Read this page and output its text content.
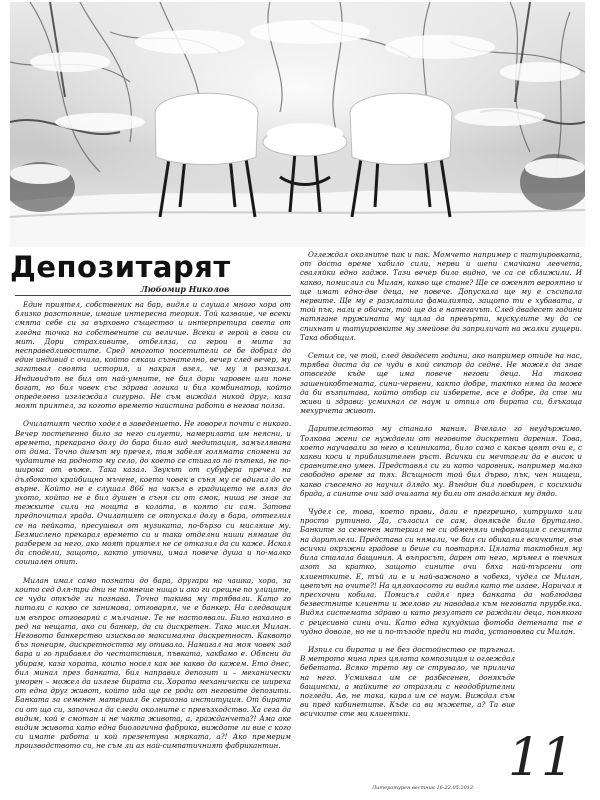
Депозитарят
Любомир Николов

Един приятел, собственик на бар, видял и слушал много хора от близко разстояние, имаше интересна теория. Той казваше, че всеки смята себе си за върховно същество и интерпретира света от гледна точка на собствените си величие. Всеки е герой в свои си мит. Дори страхливите, отбеляза, са герои в мита за несправедливостите. Сред многото посетители се бе добрал до един индивид с очила, който сякаш съзнателно, вечер след вечер, му загатвал своята история, и накрая взел, че му я разказал. Индивидът не бил от най-умните, не бил дори чаровен или поне богат, но бил човек със здрава логика и бил комбинатор, който определено изглеждал сигурно. Не съм виждал никой друг, каза моят приятел, за когото времето наистина работи в негова полза.

Очилатият често ходел в заведението. Не говорел почти с никого. Вечер постепенно било за него силуети, намерилата им неясни, и времето, прекарано долу до бара било вид медитация, замъглявана от дима. Точно димът му пречел, там забеля голямата спомени за чудатите на родното му село, до което се стигало по пътека, не по-широка от въже. Така казал. Звукът от субуфера пречел на дълбокото крайбищно мъчене, което човек в съня му се вдигал до се върне. Който не е слушал 866 на чакъл в градището не вляз до ухото, който не е бил душен в съня си от смок, ниша не знае за тежките сили на нощта в колата, в която си сам. Затова предпочитал града. Очилатият се отпускал долу в бара, оттеглил се на пейката, пресушвал от музиката, по-бързо си мисляше му. Безмислено прекарал времето си и така отделни ниши нямаше да разберем за него, ако моят приятел не се отказил да си каже. Искал да сподели, защото, както уточни, имал повече душа и по-малко сошиален опит.

Милан имал само познати до бара, другари на чашка, хора, за които сед для-три дни не помнеше нищо и ако ги срещне по улиците, се чуди откъде ги познава. Точно такива му трябвали. Като го питали с какво се занимава, отговарял, че е банкер. На следващия им въпрос отговаряй с мълчание. Те не настоявали. Било нахално в ред на нещата, ако си банкер, да си дискретен. Така мисля Милан. Неговото банкерство изисквало максимална дискретност. Каквото бъз понеирм, дискретността му отивала. Намигал на моя човек зад бара и го прибавял до честитствия, пъвката, хакбамо е. Обясни да убирам, каза хората, които носел как ме какво да кажем. Ето днес, бил минал през банката, бил направил депозит и – механически уморен – можел да излезе бирата си. Хората механически се ширеха от една друг живот, който ида ще се роди от неговите депозити. Банката за семенен материал бе сериозна институция. От бирата си от що си, започнал да следи околните с превъзходство. Ха сега да видим, кой е смотан и не чакта живота, а, гражданчета?! Ама аке видим живота като една биологична фабрика, виждате ли вие с кого си имате работа и кой презентува мярката, а?! Ако премерим производството си, не съм ли аз най-симпатичният фабрикантин.

Оглеждал околните пак и пак. Момчето например с татуировката, от доста време хабило сили, нерви и шепи смачкани левчета, сваляйки едно гадже. Тази вечер било видно, че са се сближили. И какво, помислил си Милан, какво ще стане? Ще се оженят вероятно и ще имат едно-две деца, не повече. Допускала ще му е съсипала нервите. Ще му е разклатила фамилията, защото ти е хубавата, а той пък, нали е обичан, той ще да е натегачът. След двадесет години натягане пружината му щяла да превърти, мускулите му да се спихнат и татуировките му змейове да заприличат на жалки гущери. Така обобщил.

Сетил се, че той, след двадесет години, ако например отиде на нас, трябва доста да се чуди в кой сектор да седне. Не можел да знае отвсегде къде ще има повече негови деца. На такова зашеникобтемата, сини-червени, както добре, тактко няма да може да би възпитава, който отбор си изберете, все е добре, да сте ми живи и здрави; усмихнал се наум и отпил от бирата си, блъкаща мехурчета живот.

Дарителството му станало мания. Вчелало го неудържимо. Толкова жени се нуждаели от неговите дискретни дарения. Това, което научавали за него в клиниката, било само с какъв цвят очи е, с какви коси и приблизителен ръст. Всички си мечтаели да е висок и сравнително умен. Представял си ги като чаровник, например малко свободно време за тях. Всъщност той бил дърво, пък, чен нищеш, какво съвсемно го научил длядо му. Въндин бил повбирен, с косихиди брада, а сините очи зад очилата му били от анадолския му дядо.

Чудел се, това, което прави, дали е прегрешно, хитрушко или просто рутинно. Да, съласил се сам, донякъде било брутално. Банките за семенен материал не си обменяли информация с сезията на даритлели. Представа си нямали, че бил си обикалил всичките, във всички окръжни градове и беше си повтарял. Цялата тактобния му била сталала бащиния. А въпросът, дарен от него, мръмел в течния азот за кратко, защото сините очи бяха най-търсени от клиентките. Е, тъй ли е и най-важноно в чобека, чудел се Милан, цветът на очите?! На цялохаосото ги видял като те изаве. Наричал я пресхочни кобила. Помисъл садял през банката да наблюдава безвестните клиенти и желово ги наводвал към неговата прурбелка. Видял системата здраво и като резултат се раждали деца, понякога с рецесивно сини очи. Като една кухудкша фотоба детената те е чудно доволе, но не и по-тъзоде преди ни тада, установява си Милан.

Изпил си бирата и не без достойнство се тръгнал. В метрото мина през цялата композиция и оглеждал бебетата. Всяко трето му се струвало, че прилича на него. Усмихвал им се разбесенен, донякъде бащински, а майките го отразяли с неодобрителни погледи. Ав, не така, карал им се наум. Виждал съм ви пред кабинетите. Къде са ви мъжете, а? Та вие всичките сте ми клиентки.

11
Литературен вестник 16-22.05.2012
